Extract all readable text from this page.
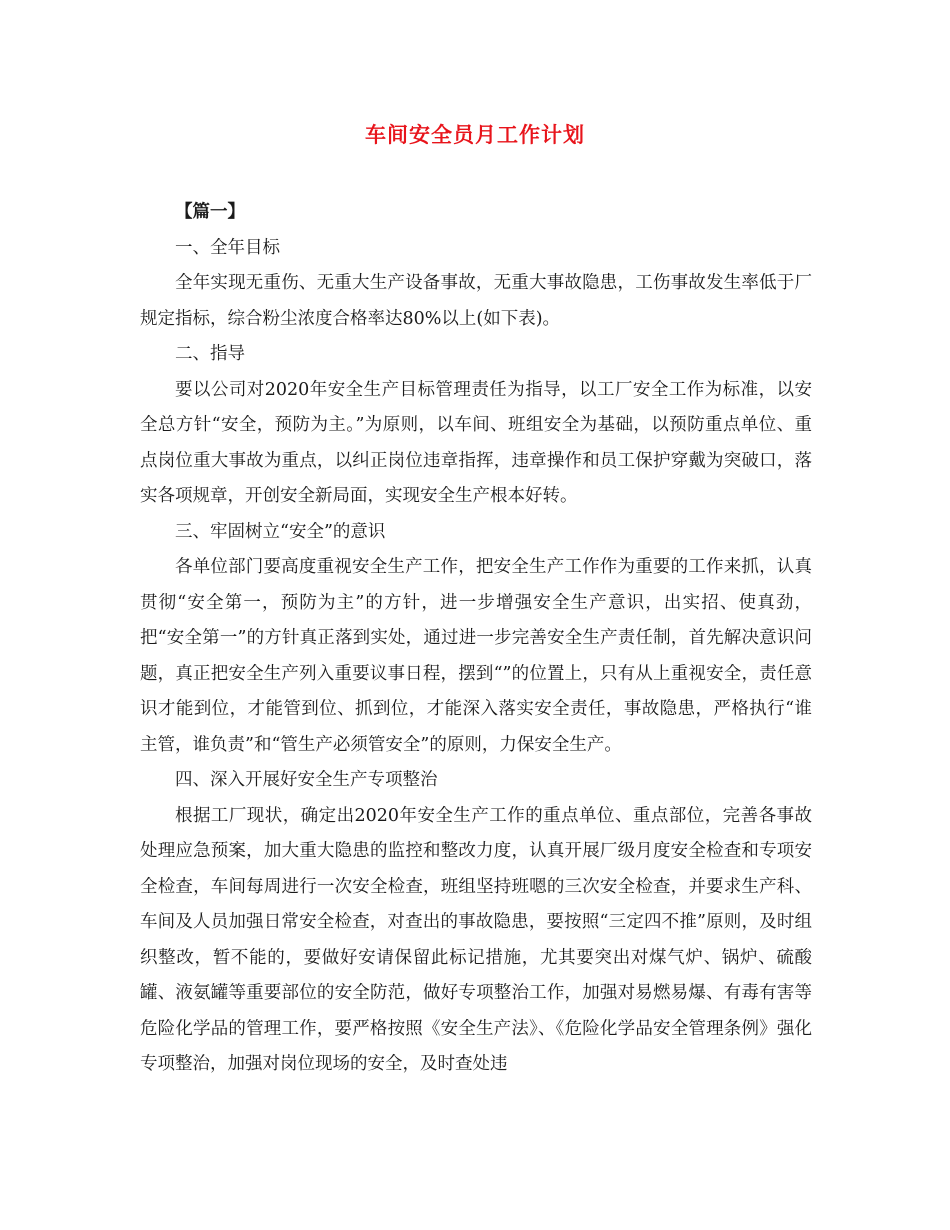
车间安全员月工作计划

【篇一】

一、全年目标

全年实现无重伤、无重大生产设备事故，无重大事故隐患，工伤事故发生率低于厂规定指标，综合粉尘浓度合格率达80%以上(如下表)。

二、指导

要以公司对2020年安全生产目标管理责任为指导，以工厂安全工作为标准，以安全总方针“安全，预防为主。”为原则，以车间、班组安全为基础，以预防重点单位、重点岗位重大事故为重点，以纠正岗位违章指挥，违章操作和员工保护穿戴为突破口，落实各项规章，开创安全新局面，实现安全生产根本好转。

三、牢固树立“安全”的意识

各单位部门要高度重视安全生产工作，把安全生产工作作为重要的工作来抓，认真贯彻“安全第一，预防为主”的方针，进一步增强安全生产意识，出实招、使真劲，把“安全第一”的方针真正落到实处，通过进一步完善安全生产责任制，首先解决意识问题，真正把安全生产列入重要议事日程，摆到“”的位置上，只有从上重视安全，责任意识才能到位，才能管到位、抓到位，才能深入落实安全责任，事故隐患，严格执行“谁主管，谁负责”和“管生产必须管安全”的原则，力保安全生产。

四、深入开展好安全生产专项整治

根据工厂现状，确定出2020年安全生产工作的重点单位、重点部位，完善各事故处理应急预案，加大重大隐患的监控和整改力度，认真开展厂级月度安全检查和专项安全检查，车间每周进行一次安全检查，班组坚持班嗯的三次安全检查，并要求生产科、车间及人员加强日常安全检查，对查出的事故隐患，要按照“三定四不推”原则，及时组织整改，暂不能的，要做好安请保留此标记措施，尤其要突出对煤气炉、锅炉、硫酸罐、液氨罐等重要部位的安全防范，做好专项整治工作，加强对易燃易爆、有毒有害等危险化学品的管理工作，要严格按照《安全生产法》、《危险化学品安全管理条例》强化专项整治，加强对岗位现场的安全，及时查处违
